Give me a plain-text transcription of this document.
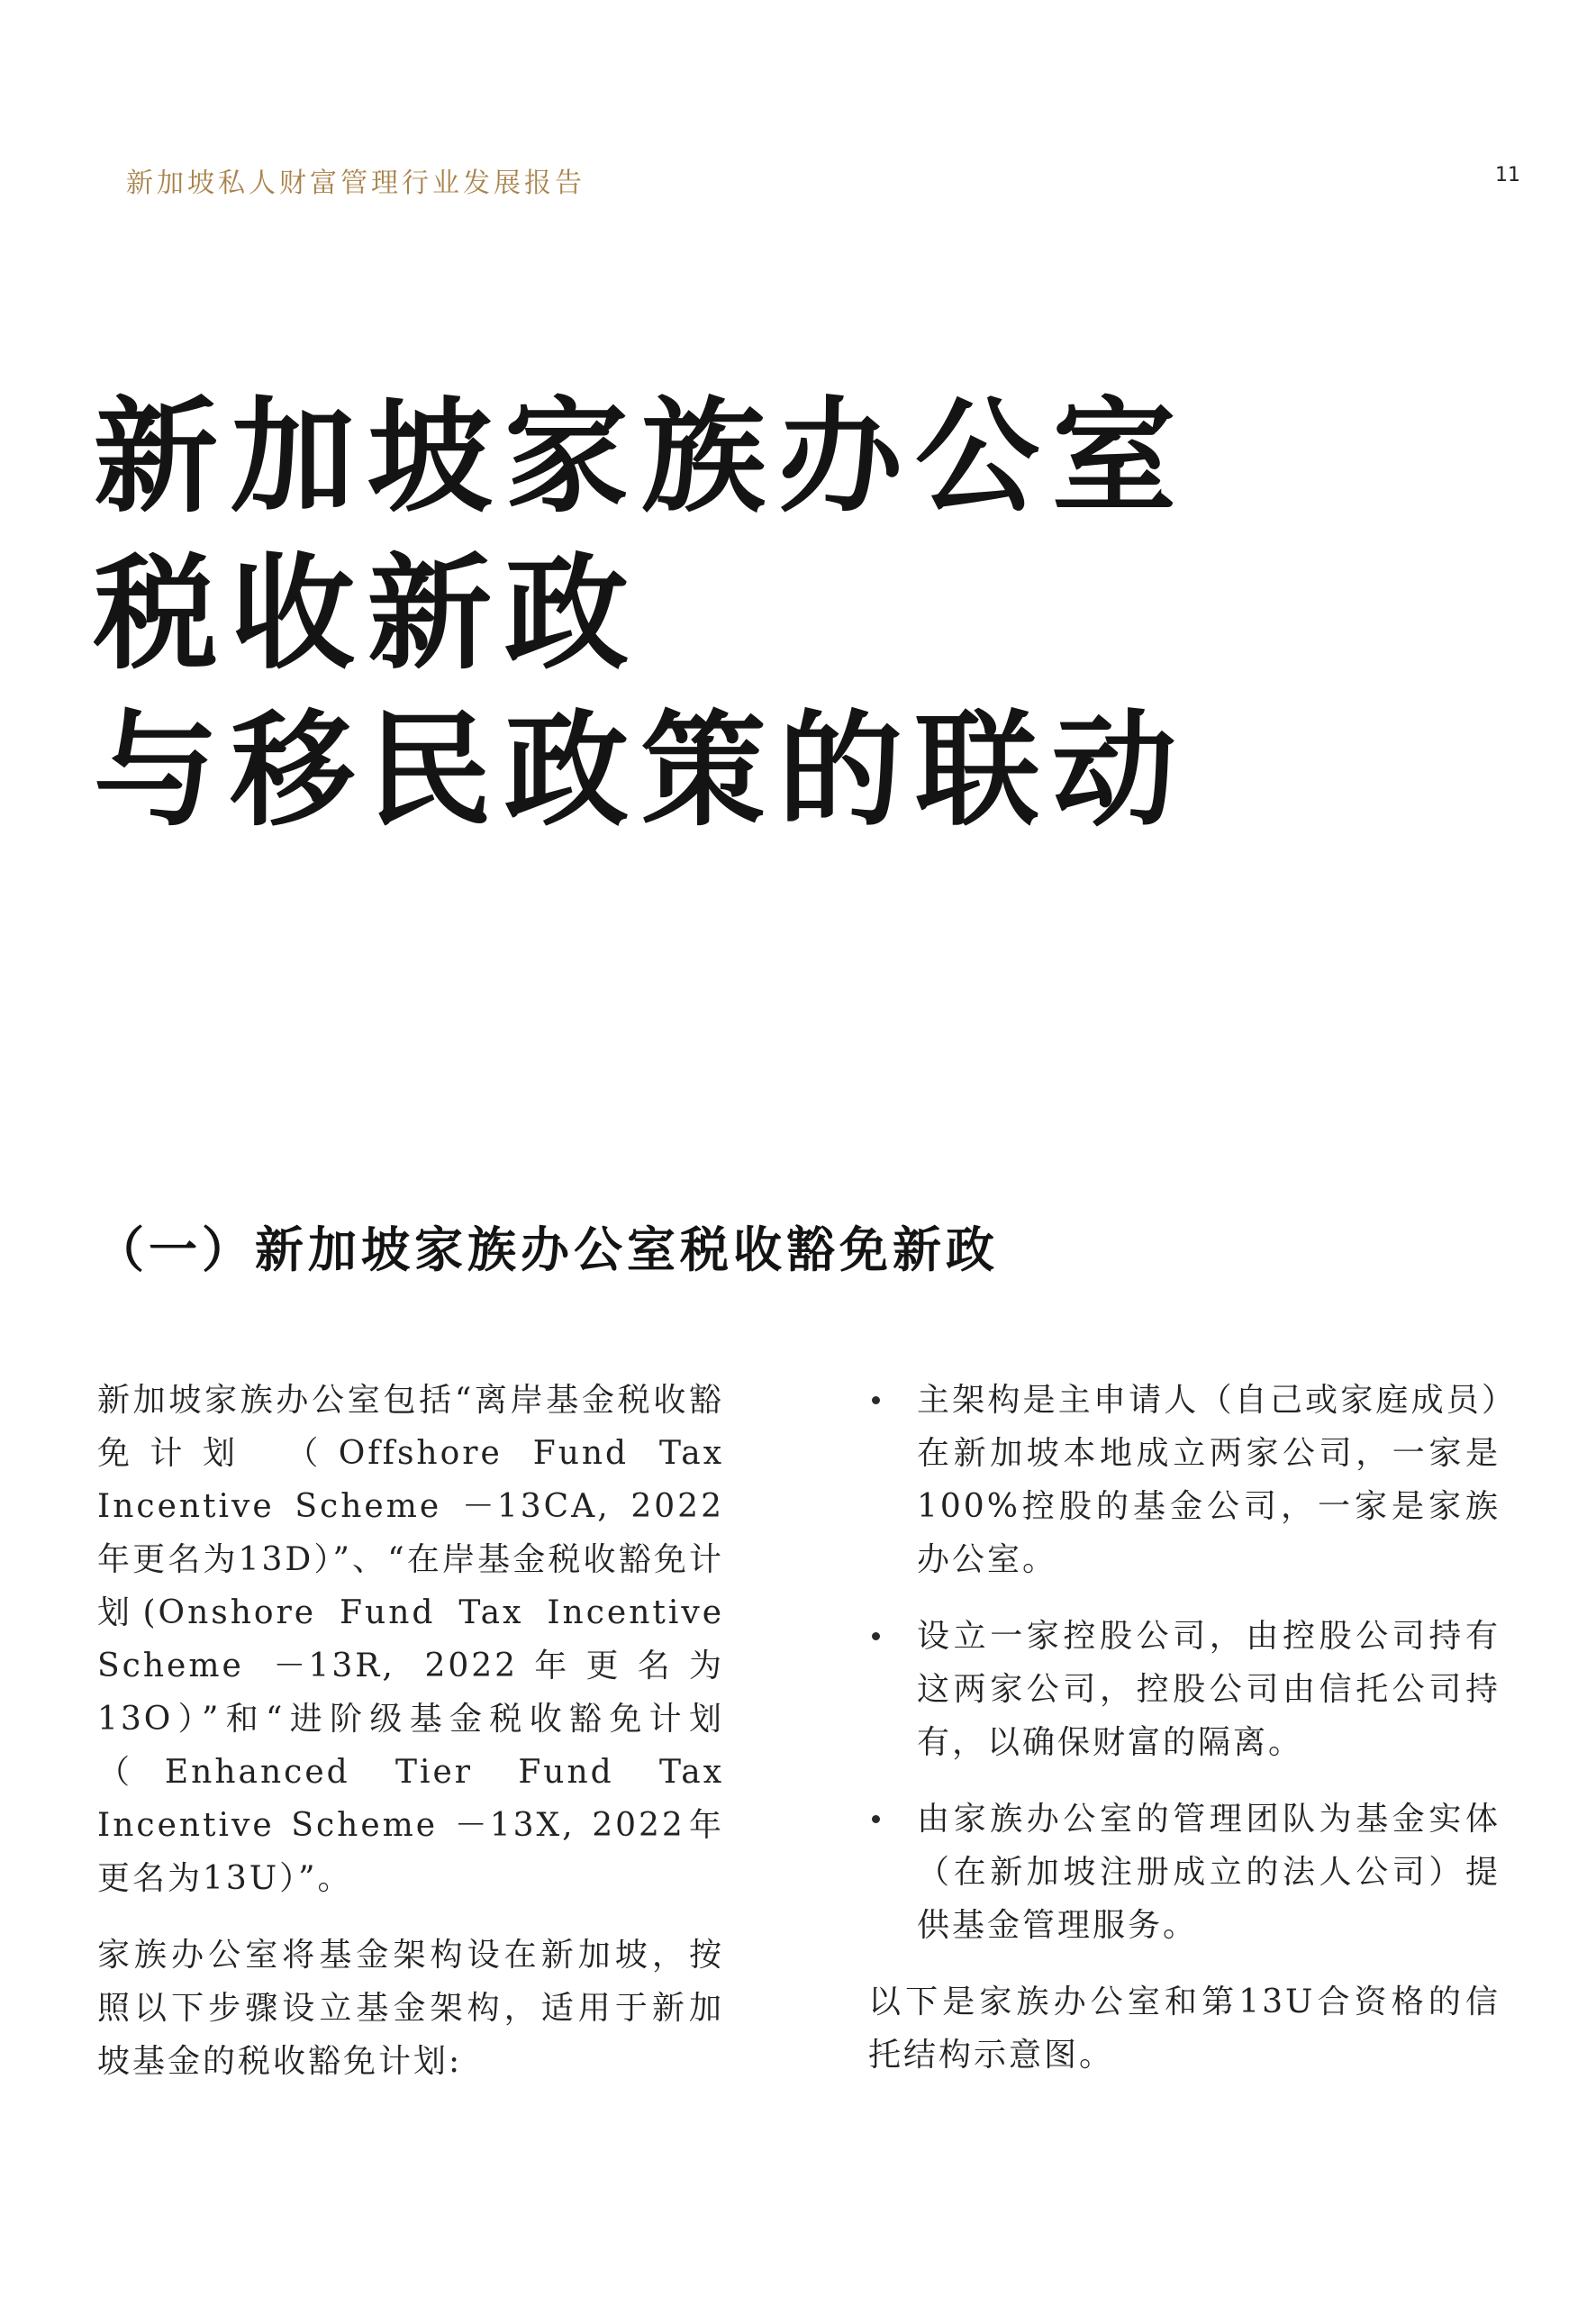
新加坡私人财富管理行业发展报告	11
新加坡家族办公室
税收新政
与移民政策的联动
（一）新加坡家族办公室税收豁免新政

新加坡家族办公室包括“离岸基金税收豁免计划 （Offshore Fund Tax Incentive Scheme －13CA, 2022年更名为13D）”、“在岸基金税收豁免计划(Onshore Fund Tax Incentive Scheme －13R, 2022年更名为13O）”和“进阶级基金税收豁免计划（Enhanced Tier Fund Tax Incentive Scheme －13X, 2022年更名为13U）”。

家族办公室将基金架构设在新加坡，按照以下步骤设立基金架构，适用于新加坡基金的税收豁免计划:

主架构是主申请人（自己或家庭成员）在新加坡本地成立两家公司，一家是100%控股的基金公司，一家是家族办公室。
设立一家控股公司，由控股公司持有这两家公司，控股公司由信托公司持有，以确保财富的隔离。
由家族办公室的管理团队为基金实体（在新加坡注册成立的法人公司）提供基金管理服务。

以下是家族办公室和第13U合资格的信托结构示意图。
